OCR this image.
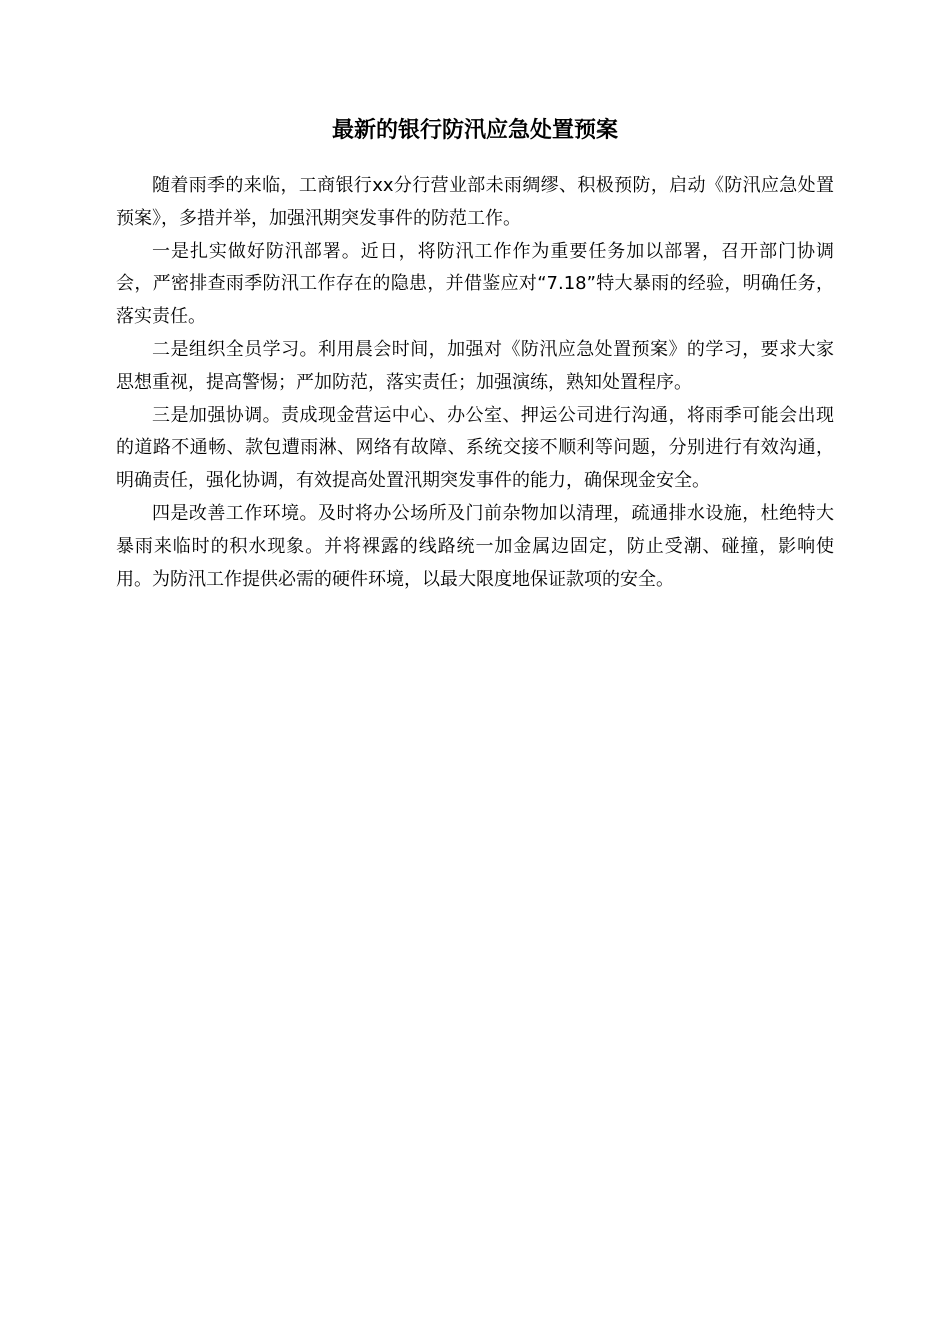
最新的银行防汛应急处置预案

随着雨季的来临，工商银行xx分行营业部未雨绸缪、积极预防，启动《防汛应急处置预案》，多措并举，加强汛期突发事件的防范工作。

一是扎实做好防汛部署。近日，将防汛工作作为重要任务加以部署，召开部门协调会，严密排查雨季防汛工作存在的隐患，并借鉴应对“7.18”特大暴雨的经验，明确任务，落实责任。

二是组织全员学习。利用晨会时间，加强对《防汛应急处置预案》的学习，要求大家思想重视，提高警惕；严加防范，落实责任；加强演练，熟知处置程序。

三是加强协调。责成现金营运中心、办公室、押运公司进行沟通，将雨季可能会出现的道路不通畅、款包遭雨淋、网络有故障、系统交接不顺利等问题，分别进行有效沟通，明确责任，强化协调，有效提高处置汛期突发事件的能力，确保现金安全。

四是改善工作环境。及时将办公场所及门前杂物加以清理，疏通排水设施，杜绝特大暴雨来临时的积水现象。并将裸露的线路统一加金属边固定，防止受潮、碰撞，影响使用。为防汛工作提供必需的硬件环境，以最大限度地保证款项的安全。
